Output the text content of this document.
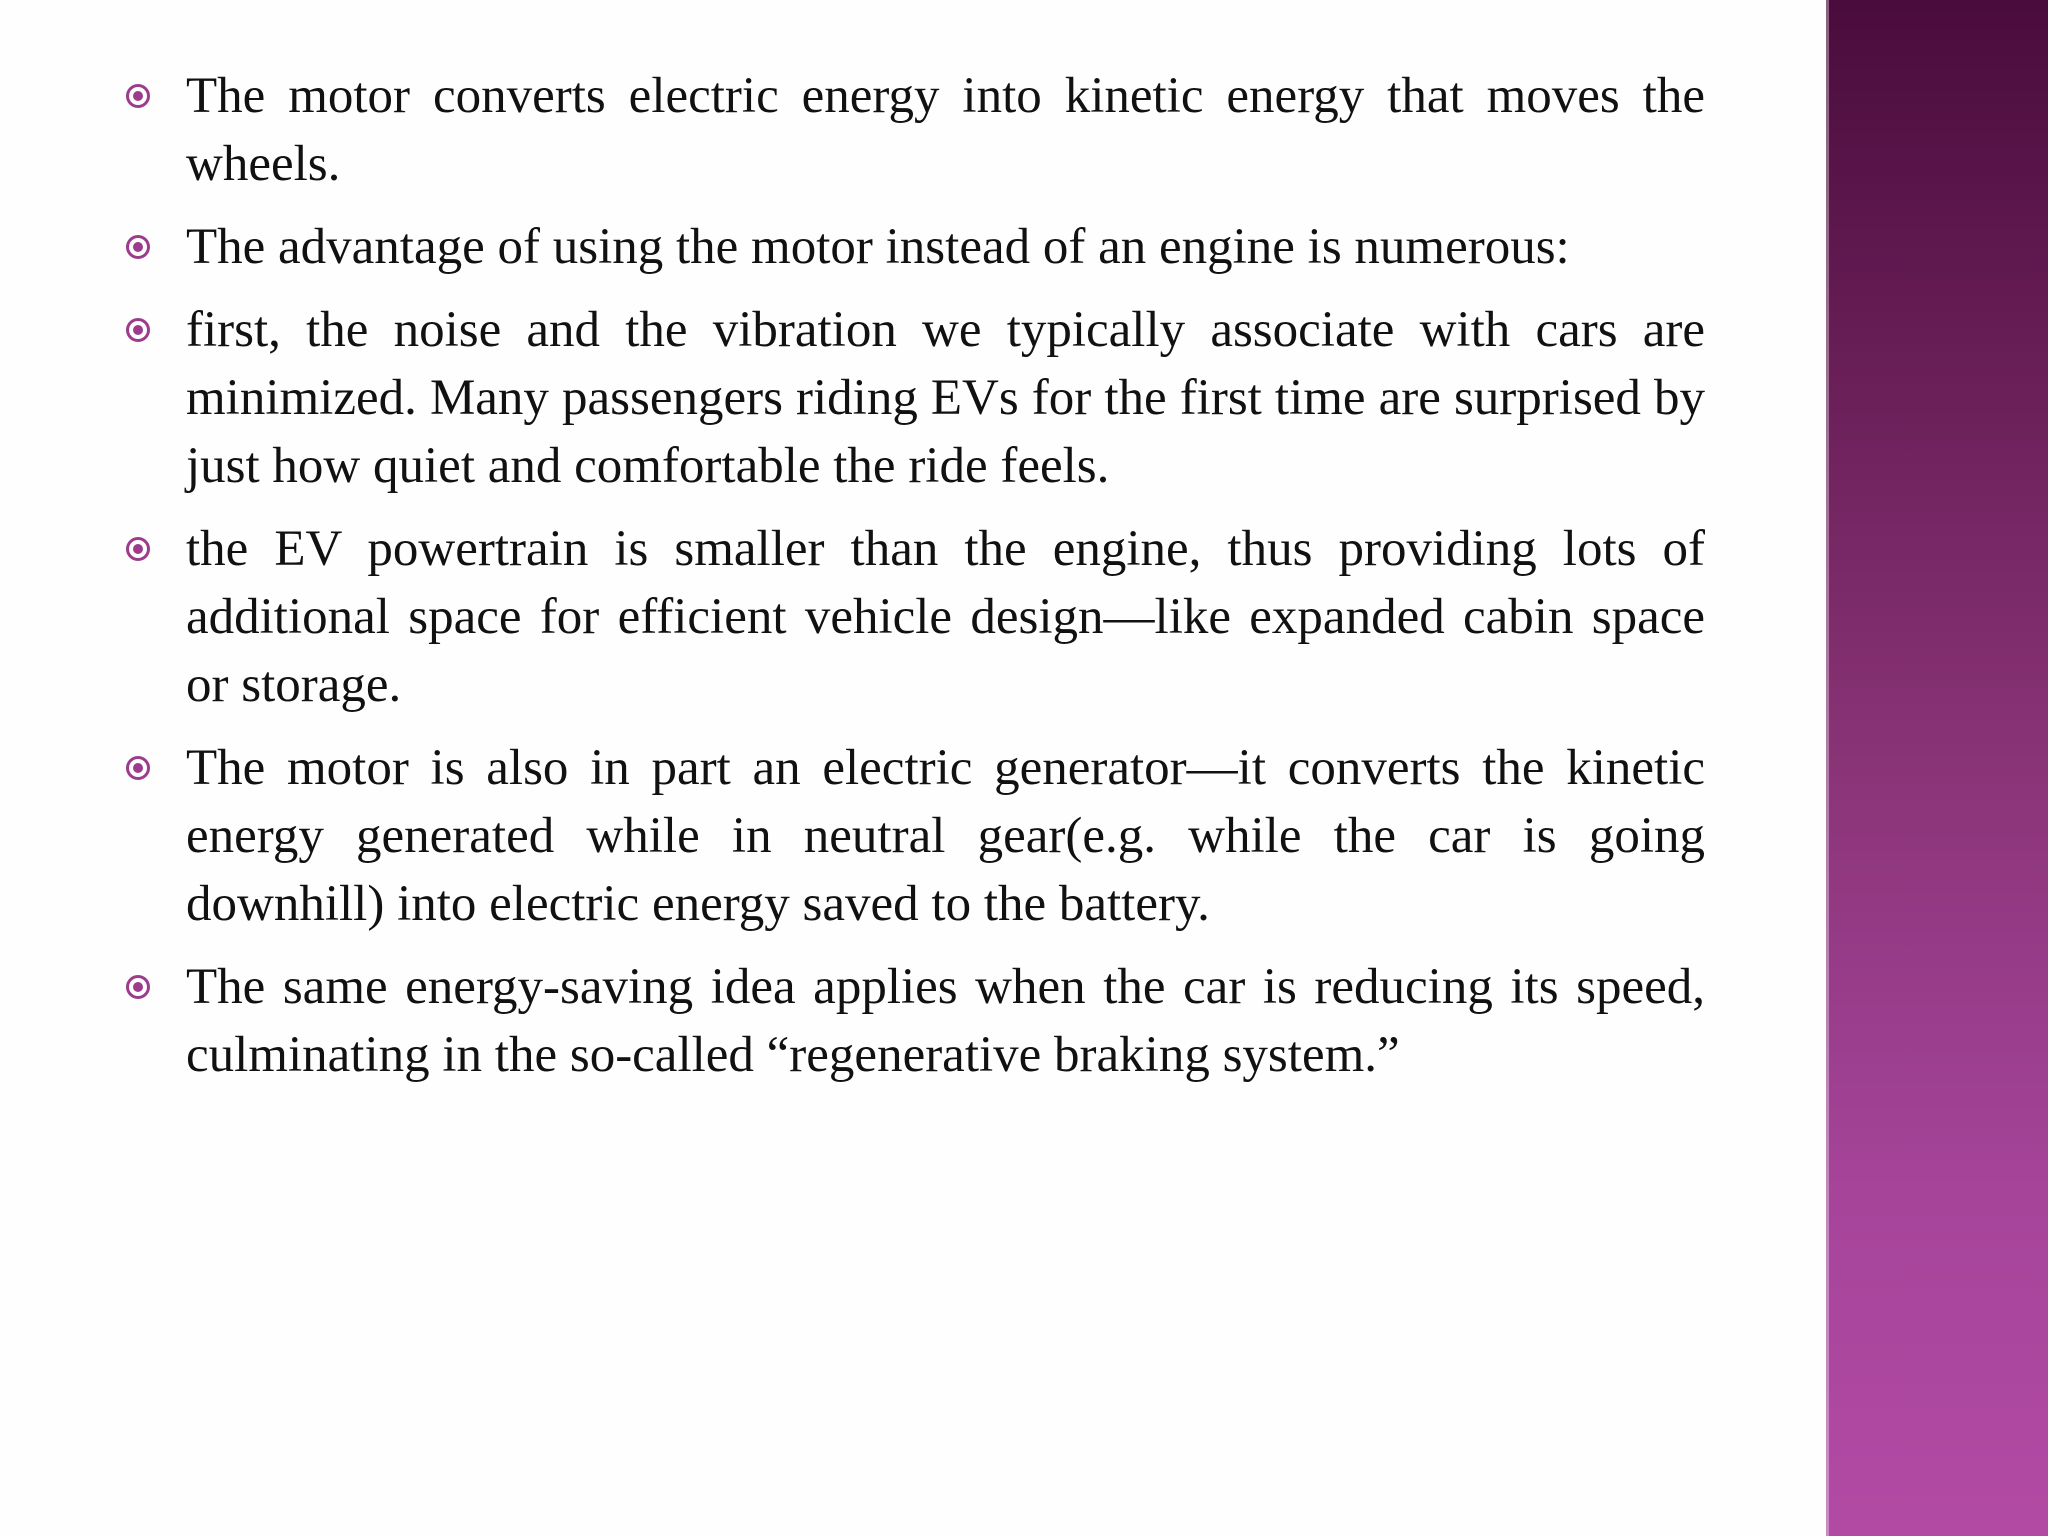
The motor converts electric energy into kinetic energy that moves the wheels.
The advantage of using the motor instead of an engine is numerous:
first, the noise and the vibration we typically associate with cars are minimized. Many passengers riding EVs for the first time are surprised by just how quiet and comfortable the ride feels.
the EV powertrain is smaller than the engine, thus providing lots of additional space for efficient vehicle design—like expanded cabin space or storage.
The motor is also in part an electric generator—it converts the kinetic energy generated while in neutral gear(e.g. while the car is going downhill) into electric energy saved to the battery.
The same energy-saving idea applies when the car is reducing its speed, culminating in the so-called “regenerative braking system.”
